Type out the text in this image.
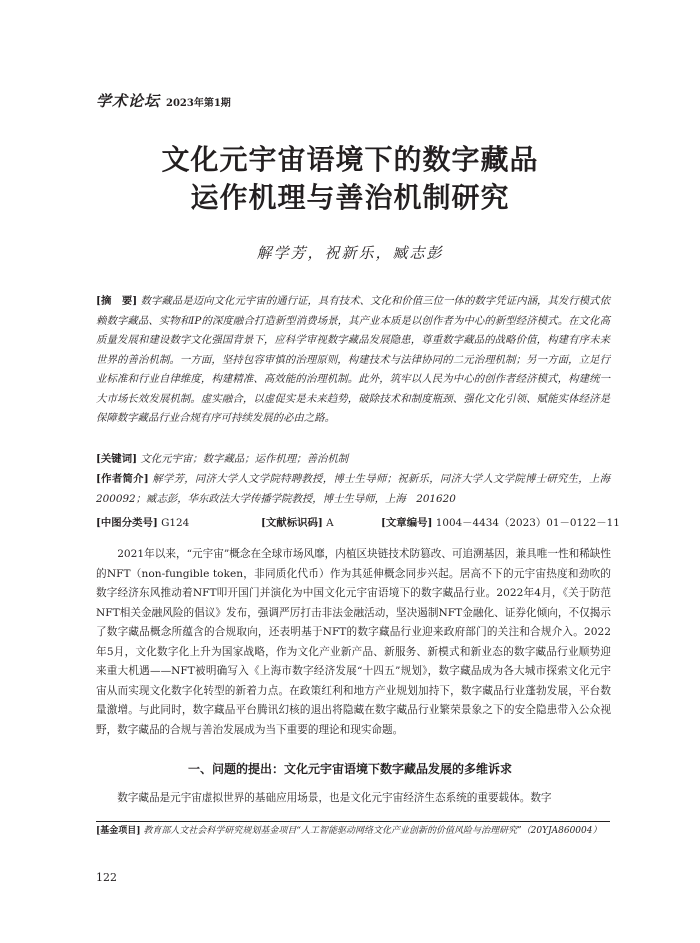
学术论坛 2023年第1期
文化元宇宙语境下的数字藏品
运作机理与善治机制研究
解学芳，祝新乐，臧志彭
[摘　要] 数字藏品是迈向文化元宇宙的通行证，具有技术、文化和价值三位一体的数字凭证内涵，其发行模式依赖数字藏品、实物和IP的深度融合打造新型消费场景，其产业本质是以创作者为中心的新型经济模式。在文化高质量发展和建设数字文化强国背景下，应科学审视数字藏品发展隐患，尊重数字藏品的战略价值，构建有序未来世界的善治机制。一方面，坚持包容审慎的治理原则，构建技术与法律协同的二元治理机制；另一方面，立足行业标准和行业自律维度，构建精准、高效能的治理机制。此外，筑牢以人民为中心的创作者经济模式，构建统一大市场长效发展机制。虚实融合，以虚促实是未来趋势，破除技术和制度瓶颈、强化文化引领、赋能实体经济是保障数字藏品行业合规有序可持续发展的必由之路。
[关键词] 文化元宇宙；数字藏品；运作机理；善治机制
[作者简介] 解学芳，同济大学人文学院特聘教授，博士生导师；祝新乐，同济大学人文学院博士研究生，上海　200092；臧志彭，华东政法大学传播学院教授，博士生导师，上海　201620
[中图分类号] G124	[文献标识码] A	[文章编号] 1004－4434（2023）01－0122－11
2021年以来，“元宇宙”概念在全球市场风靡，内植区块链技术防篡改、可追溯基因，兼具唯一性和稀缺性的NFT（non-fungible token，非同质化代币）作为其延伸概念同步兴起。居高不下的元宇宙热度和劲吹的数字经济东风推动着NFT叩开国门并演化为中国文化元宇宙语境下的数字藏品行业。2022年4月，《关于防范NFT相关金融风险的倡议》发布，强调严厉打击非法金融活动，坚决遏制NFT金融化、证券化倾向，不仅揭示了数字藏品概念所蕴含的合规取向，还表明基于NFT的数字藏品行业迎来政府部门的关注和合规介入。2022年5月，文化数字化上升为国家战略，作为文化产业新产品、新服务、新模式和新业态的数字藏品行业顺势迎来重大机遇——NFT被明确写入《上海市数字经济发展“十四五”规划》，数字藏品成为各大城市探索文化元宇宙从而实现文化数字化转型的新着力点。在政策红利和地方产业规划加持下，数字藏品行业蓬勃发展，平台数量激增。与此同时，数字藏品平台腾讯幻核的退出将隐藏在数字藏品行业繁荣景象之下的安全隐患带入公众视野，数字藏品的合规与善治发展成为当下重要的理论和现实命题。
一、问题的提出：文化元宇宙语境下数字藏品发展的多维诉求
数字藏品是元宇宙虚拟世界的基础应用场景，也是文化元宇宙经济生态系统的重要载体。数字
[基金项目] 教育部人文社会科学研究规划基金项目“人工智能驱动网络文化产业创新的价值风险与治理研究”（20YJA860004）
122
